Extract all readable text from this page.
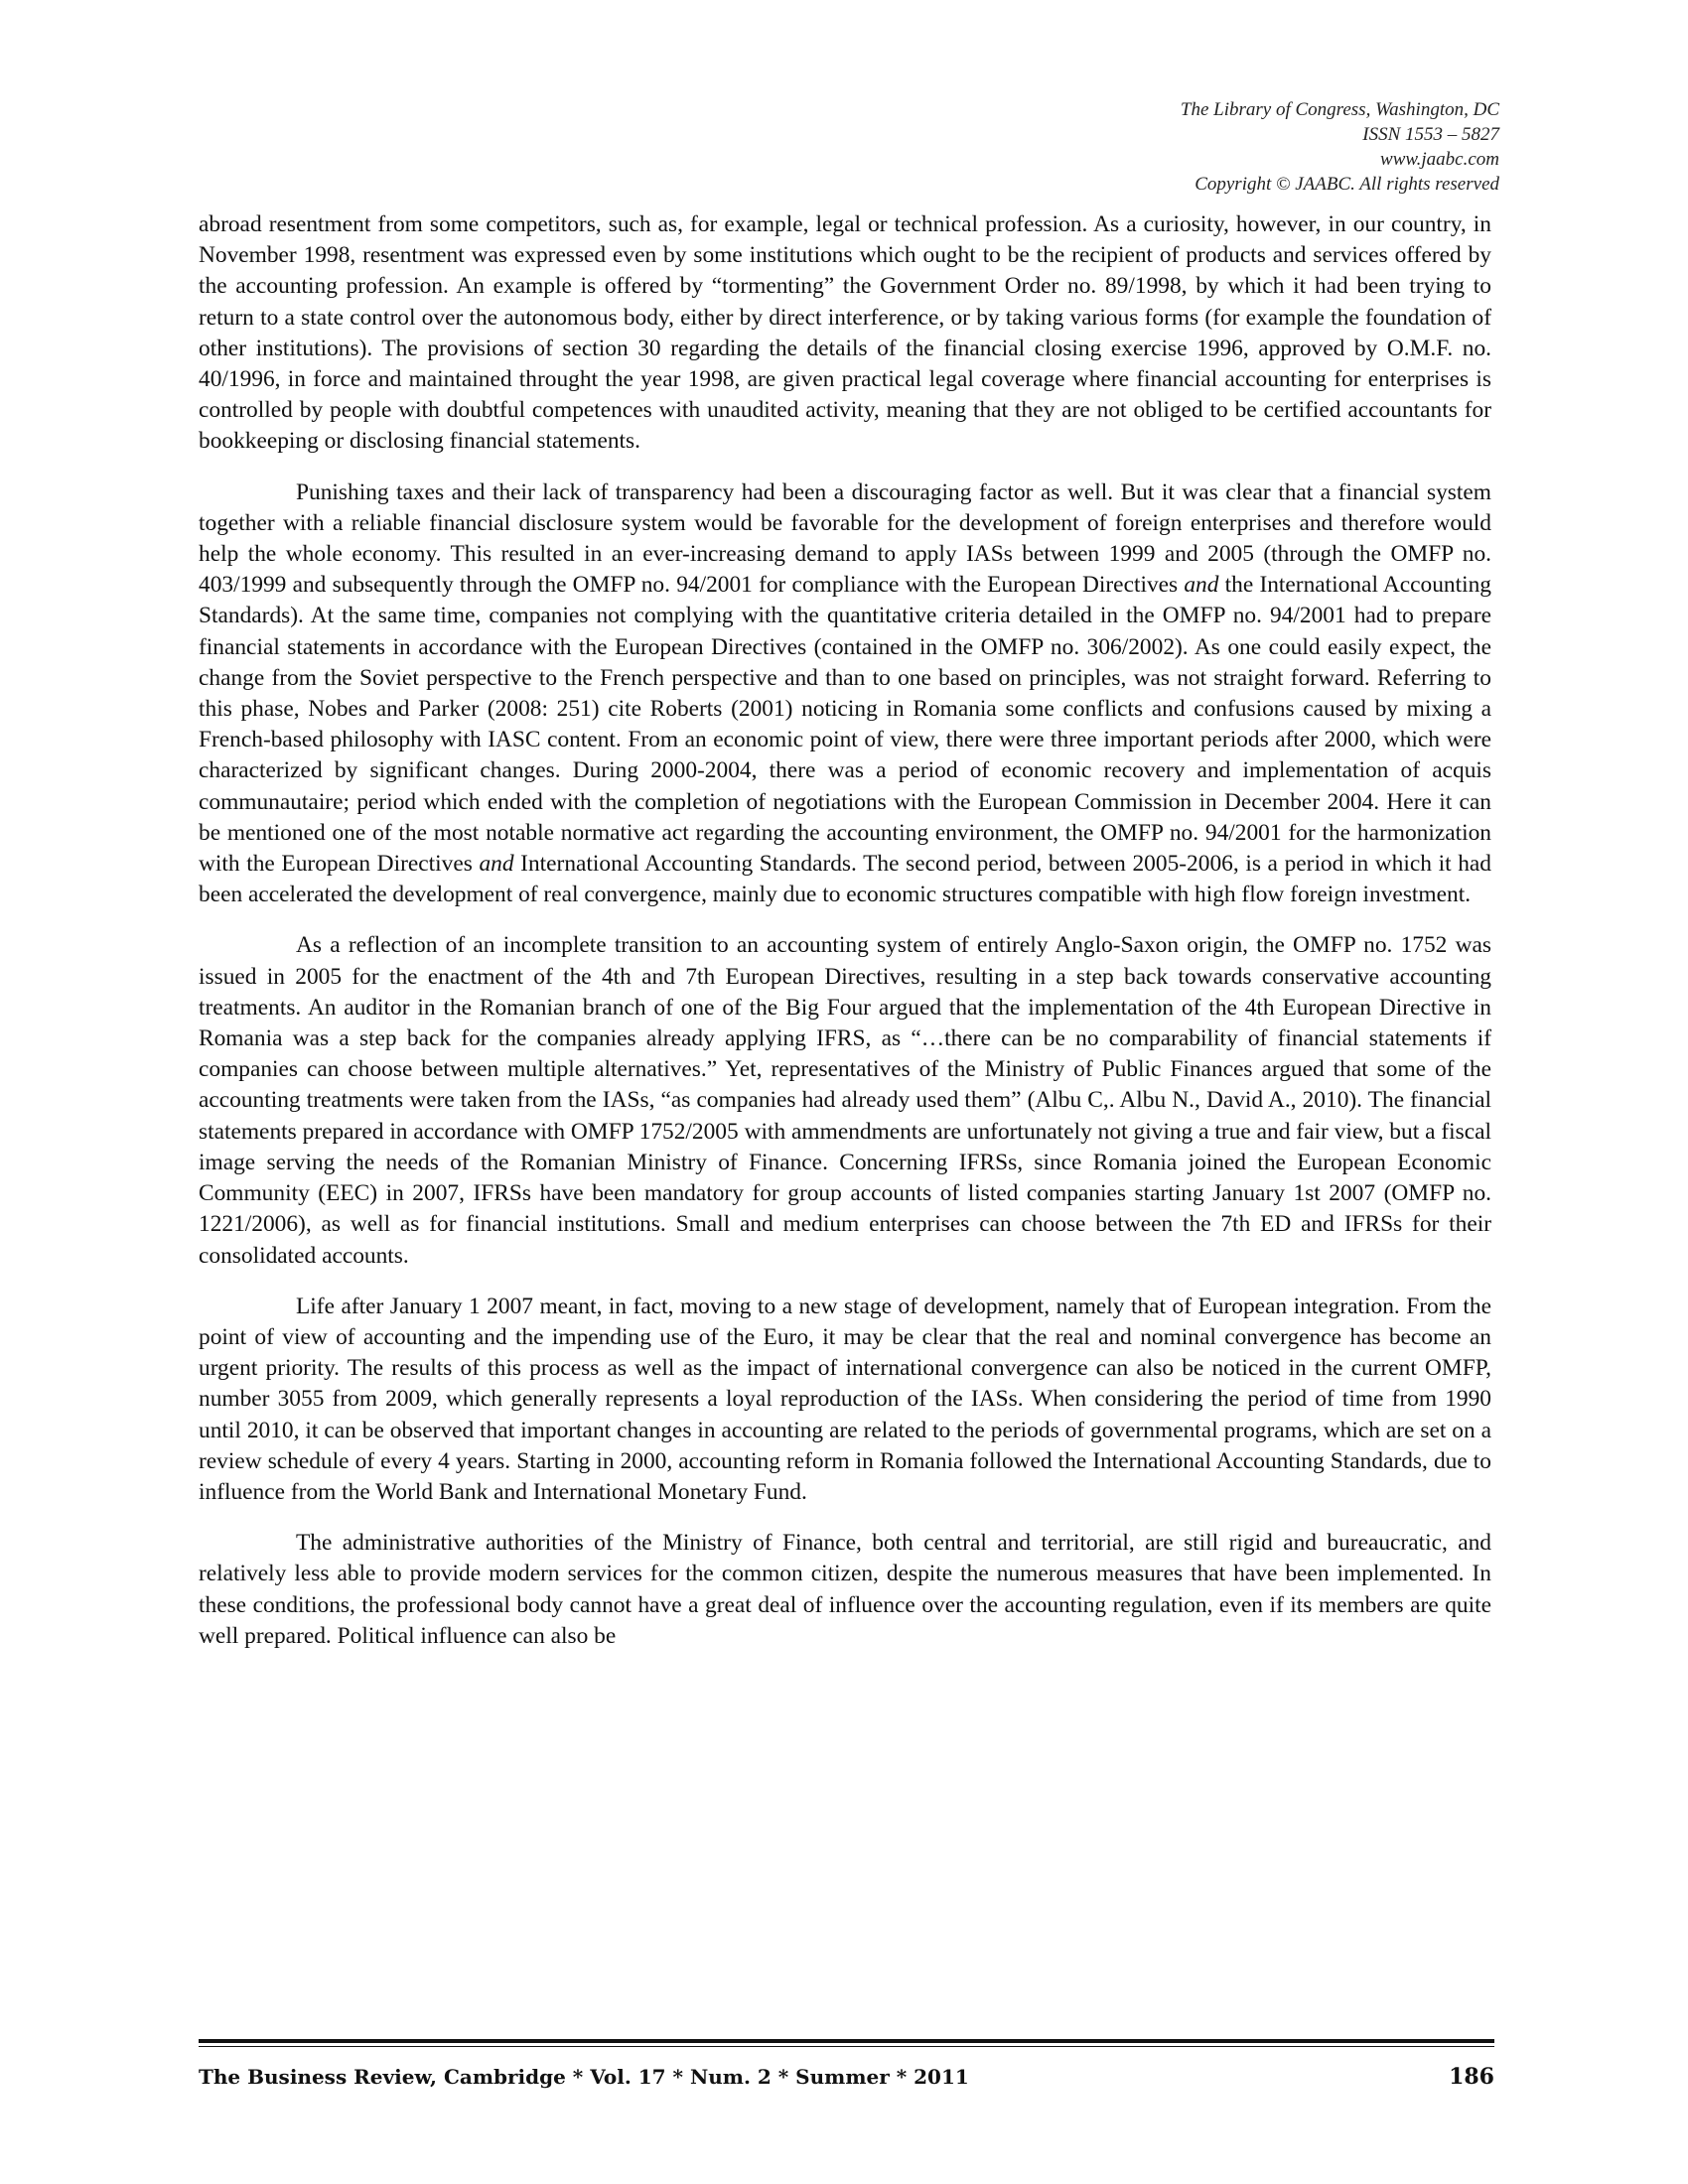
The Library of Congress, Washington, DC
ISSN 1553 – 5827
www.jaabc.com
Copyright © JAABC. All rights reserved

abroad resentment from some competitors, such as, for example, legal or technical profession. As a curiosity, however, in our country, in November 1998, resentment was expressed even by some institutions which ought to be the recipient of products and services offered by the accounting profession. An example is offered by “tormenting” the Government Order no. 89/1998, by which it had been trying to return to a state control over the autonomous body, either by direct interference, or by taking various forms (for example the foundation of other institutions). The provisions of section 30 regarding the details of the financial closing exercise 1996, approved by O.M.F. no. 40/1996, in force and maintained throught the year 1998, are given practical legal coverage where financial accounting for enterprises is controlled by people with doubtful competences with unaudited activity, meaning that they are not obliged to be certified accountants for bookkeeping or disclosing financial statements.

Punishing taxes and their lack of transparency had been a discouraging factor as well. But it was clear that a financial system together with a reliable financial disclosure system would be favorable for the development of foreign enterprises and therefore would help the whole economy. This resulted in an ever-increasing demand to apply IASs between 1999 and 2005 (through the OMFP no. 403/1999 and subsequently through the OMFP no. 94/2001 for compliance with the European Directives and the International Accounting Standards). At the same time, companies not complying with the quantitative criteria detailed in the OMFP no. 94/2001 had to prepare financial statements in accordance with the European Directives (contained in the OMFP no. 306/2002). As one could easily expect, the change from the Soviet perspective to the French perspective and than to one based on principles, was not straight forward. Referring to this phase, Nobes and Parker (2008: 251) cite Roberts (2001) noticing in Romania some conflicts and confusions caused by mixing a French-based philosophy with IASC content. From an economic point of view, there were three important periods after 2000, which were characterized by significant changes. During 2000-2004, there was a period of economic recovery and implementation of acquis communautaire; period which ended with the completion of negotiations with the European Commission in December 2004. Here it can be mentioned one of the most notable normative act regarding the accounting environment, the OMFP no. 94/2001 for the harmonization with the European Directives and International Accounting Standards. The second period, between 2005-2006, is a period in which it had been accelerated the development of real convergence, mainly due to economic structures compatible with high flow foreign investment.

As a reflection of an incomplete transition to an accounting system of entirely Anglo-Saxon origin, the OMFP no. 1752 was issued in 2005 for the enactment of the 4th and 7th European Directives, resulting in a step back towards conservative accounting treatments. An auditor in the Romanian branch of one of the Big Four argued that the implementation of the 4th European Directive in Romania was a step back for the companies already applying IFRS, as “…there can be no comparability of financial statements if companies can choose between multiple alternatives.” Yet, representatives of the Ministry of Public Finances argued that some of the accounting treatments were taken from the IASs, “as companies had already used them” (Albu C,. Albu N., David A., 2010). The financial statements prepared in accordance with OMFP 1752/2005 with ammendments are unfortunately not giving a true and fair view, but a fiscal image serving the needs of the Romanian Ministry of Finance. Concerning IFRSs, since Romania joined the European Economic Community (EEC) in 2007, IFRSs have been mandatory for group accounts of listed companies starting January 1st 2007 (OMFP no. 1221/2006), as well as for financial institutions. Small and medium enterprises can choose between the 7th ED and IFRSs for their consolidated accounts.

Life after January 1 2007 meant, in fact, moving to a new stage of development, namely that of European integration. From the point of view of accounting and the impending use of the Euro, it may be clear that the real and nominal convergence has become an urgent priority. The results of this process as well as the impact of international convergence can also be noticed in the current OMFP, number 3055 from 2009, which generally represents a loyal reproduction of the IASs. When considering the period of time from 1990 until 2010, it can be observed that important changes in accounting are related to the periods of governmental programs, which are set on a review schedule of every 4 years. Starting in 2000, accounting reform in Romania followed the International Accounting Standards, due to influence from the World Bank and International Monetary Fund.

The administrative authorities of the Ministry of Finance, both central and territorial, are still rigid and bureaucratic, and relatively less able to provide modern services for the common citizen, despite the numerous measures that have been implemented. In these conditions, the professional body cannot have a great deal of influence over the accounting regulation, even if its members are quite well prepared. Political influence can also be

The Business Review, Cambridge * Vol. 17 * Num. 2 * Summer * 2011	186
